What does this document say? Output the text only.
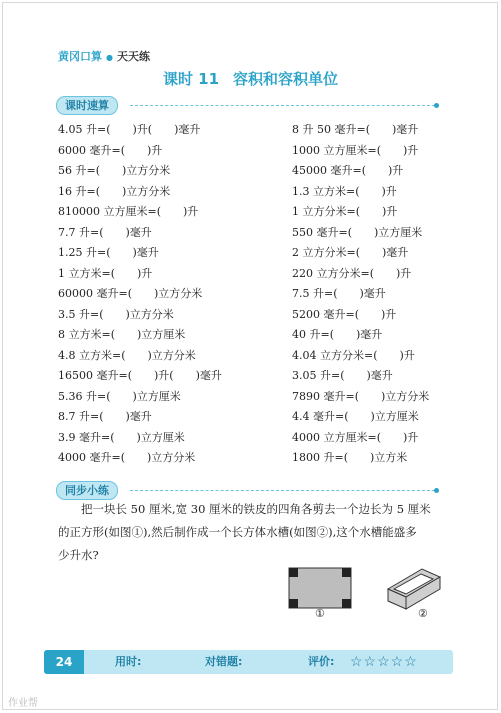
黄冈口算 ● 天天练
课时 11 容积和容积单位
课时速算
4.05 升=(　　)升(　　)毫升
6000 毫升=(　　)升
56 升=(　　)立方分米
16 升=(　　)立方分米
810000 立方厘米=(　　)升
7.7 升=(　　)毫升
1.25 升=(　　)毫升
1 立方米=(　　)升
60000 毫升=(　　)立方分米
3.5 升=(　　)立方分米
8 立方米=(　　)立方厘米
4.8 立方米=(　　)立方分米
16500 毫升=(　　)升(　　)毫升
5.36 升=(　　)立方厘米
8.7 升=(　　)毫升
3.9 毫升=(　　)立方厘米
4000 毫升=(　　)立方分米
8 升 50 毫升=(　　)毫升
1000 立方厘米=(　　)升
45000 毫升=(　　)升
1.3 立方米=(　　)升
1 立方分米=(　　)升
550 毫升=(　　)立方厘米
2 立方分米=(　　)毫升
220 立方分米=(　　)升
7.5 升=(　　)毫升
5200 毫升=(　　)升
40 升=(　　)毫升
4.04 立方分米=(　　)升
3.05 升=(　　)毫升
7890 毫升=(　　)立方分米
4.4 毫升=(　　)立方厘米
4000 立方厘米=(　　)升
1800 升=(　　)立方米
同步小练
把一块长 50 厘米,宽 30 厘米的铁皮的四角各剪去一个边长为 5 厘米
的正方形(如图①),然后制作成一个长方体水槽(如图②),这个水槽能盛多
少升水?
①	②
24	用时:	对错题:	评价: ☆☆☆☆☆
作业帮
